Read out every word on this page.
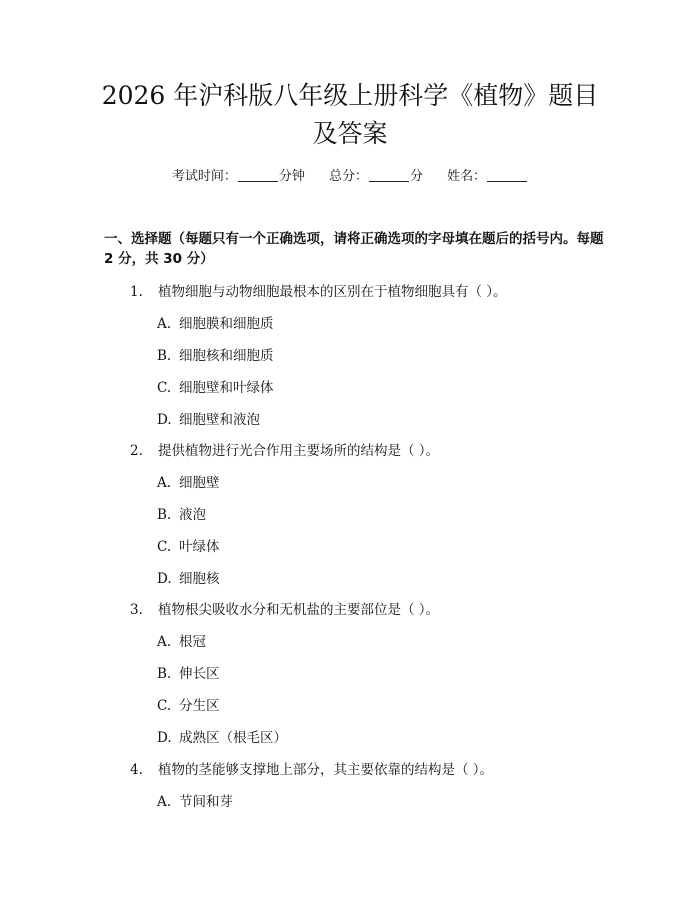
2026 年沪科版八年级上册科学《植物》题目
及答案
考试时间：	分钟 总分：	分 姓名：
一、选择题（每题只有一个正确选项，请将正确选项的字母填在题后的括号内。每题 2 分，共 30 分）
1. 植物细胞与动物细胞最根本的区别在于植物细胞具有（ ）。
A. 细胞膜和细胞质
B. 细胞核和细胞质
C. 细胞壁和叶绿体
D. 细胞壁和液泡
2. 提供植物进行光合作用主要场所的结构是（ ）。
A. 细胞壁
B. 液泡
C. 叶绿体
D. 细胞核
3. 植物根尖吸收水分和无机盐的主要部位是（ ）。
A. 根冠
B. 伸长区
C. 分生区
D. 成熟区（根毛区）
4. 植物的茎能够支撑地上部分，其主要依靠的结构是（ ）。
A. 节间和芽
